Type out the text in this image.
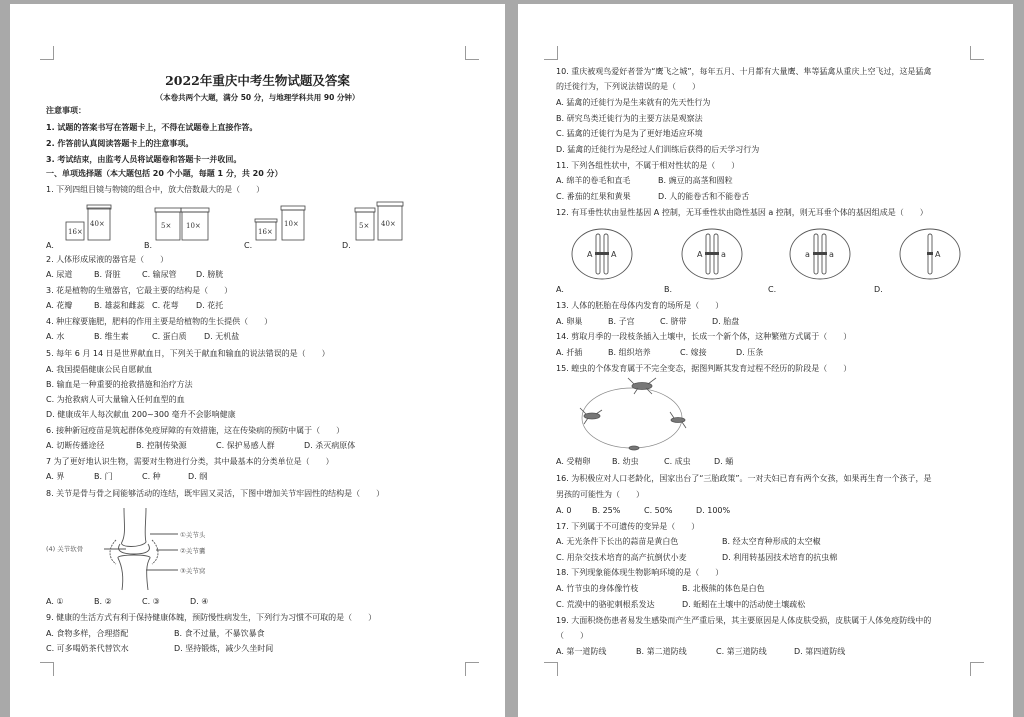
2022年重庆中考生物试题及答案
（本卷共两个大题，满分 50 分，与地理学科共用 90 分钟）
注意事项：
1. 试题的答案书写在答题卡上，不得在试题卷上直接作答。
2. 作答前认真阅读答题卡上的注意事项。
3. 考试结束，由监考人员将试题卷和答题卡一并收回。
一、单项选择题（本大题包括 20 个小题，每题 1 分，共 20 分）
1. 下列四组目镜与物镜的组合中，放大倍数最大的是（　　）
16×
40×	5× 10×
16×
10×	5× 40×
A.	B.	C.	D.
2. 人体形成尿液的器官是（　　）
A. 尿道	B. 肾脏	C. 输尿管 D. 膀胱
3. 花是植物的生殖器官，它最主要的结构是（　　）
A. 花瓣	B. 雄蕊和雌蕊 C. 花萼 D. 花托
4. 种庄稼要施肥，肥料的作用主要是给植物的生长提供（　　）
A. 水	B. 维生素	C. 蛋白质 D. 无机盐
5. 每年 6 月 14 日是世界献血日，下列关于献血和输血的说法错误的是（　　）
A. 我国提倡健康公民自愿献血
B. 输血是一种重要的抢救措施和治疗方法
C. 为抢救病人可大量输入任何血型的血
D. 健康成年人每次献血 200~300 毫升不会影响健康
6. 接种新冠疫苗是筑起群体免疫屏障的有效措施，这在传染病的预防中属于（　　）
A. 切断传播途径	B. 控制传染源	C. 保护易感人群	D. 杀灭病原体
7 为了更好地认识生物，需要对生物进行分类，其中最基本的分类单位是（　　）
A. 界	B. 门	C. 种	D. 纲
8. 关节是骨与骨之间能够活动的连结，既牢固又灵活，下图中增加关节牢固性的结构是（　　）
(4) 关节软骨
①关节头
②关节囊
③关节窝
A. ①	B. ②	C. ③	D. ④
9. 健康的生活方式有利于保持健康体魄，预防慢性病发生，下列行为习惯不可取的是（　　）
A. 食物多样，合理搭配	B. 食不过量，不暴饮暴食
C. 可多喝奶茶代替饮水	D. 坚持锻炼，减少久坐时间
10. 重庆被观鸟爱好者誉为“鹰飞之城”，每年五月、十月都有大量鹰、隼等猛禽从重庆上空飞过，这是猛禽
的迁徙行为，下列说法错误的是（　　）
A. 猛禽的迁徙行为是生来就有的先天性行为
B. 研究鸟类迁徙行为的主要方法是观察法
C. 猛禽的迁徙行为是为了更好地适应环境
D. 猛禽的迁徙行为是经过人们训练后获得的后天学习行为
11. 下列各组性状中，不属于相对性状的是（　　）
A. 绵羊的卷毛和直毛	B. 豌豆的高茎和圆粒
C. 番茄的红果和黄果	D. 人的能卷舌和不能卷舌
12. 有耳垂性状由显性基因 A 控制，无耳垂性状由隐性基因 a 控制，则无耳垂个体的基因组成是（　　）
A A	A a	a a	A
A.	B.	C.	D.
13. 人体的胚胎在母体内发育的场所是（　　）
A. 卵巢	B. 子宫	C. 脐带	D. 胎盘
14. 剪取月季的一段枝条插入土壤中，长成一个新个体，这种繁殖方式属于（　　）
A. 扦插	B. 组织培养	C. 嫁接	D. 压条
15. 蝗虫的个体发育属于不完全变态，据图判断其发育过程不经历的阶段是（　　）
A. 受精卵	B. 幼虫	C. 成虫	D. 蛹
16. 为积极应对人口老龄化，国家出台了“三胎政策”。一对夫妇已育有两个女孩，如果再生育一个孩子，是
男孩的可能性为（　　）
A. 0	B. 25%	C. 50%	D. 100%
17. 下列属于不可遗传的变异是（　　）
A. 无光条件下长出的蒜苗是黄白色	B. 经太空育种形成的太空椒
C. 用杂交技术培育的高产抗倒伏小麦	D. 利用转基因技术培育的抗虫棉
18. 下列现象能体现生物影响环境的是（　　）
A. 竹节虫的身体像竹枝	B. 北极熊的体色是白色
C. 荒漠中的骆驼刺根系发达	D. 蚯蚓在土壤中的活动使土壤疏松
19. 大面积烧伤患者易发生感染而产生严重后果，其主要原因是人体皮肤受损，皮肤属于人体免疫防线中的
（　　）
A. 第一道防线	B. 第二道防线	C. 第三道防线	D. 第四道防线
